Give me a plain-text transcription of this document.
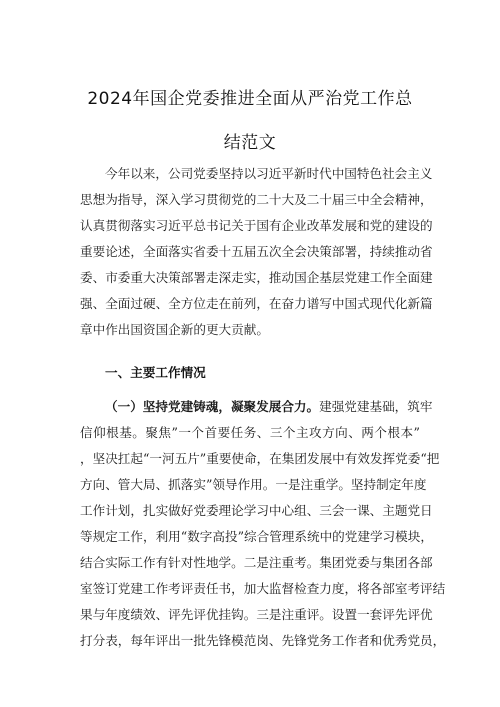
2024年国企党委推进全面从严治党工作总
结范文
今年以来，公司党委坚持以习近平新时代中国特色社会主义
思想为指导，深入学习贯彻党的二十大及二十届三中全会精神，
认真贯彻落实习近平总书记关于国有企业改革发展和党的建设的
重要论述，全面落实省委十五届五次全会决策部署，持续推动省
委、市委重大决策部署走深走实，推动国企基层党建工作全面建
强、全面过硬、全方位走在前列，在奋力谱写中国式现代化新篇
章中作出国资国企新的更大贡献。
一、主要工作情况
（一）坚持党建铸魂，凝聚发展合力。建强党建基础，筑牢
信仰根基。聚焦”一个首要任务、三个主攻方向、两个根本”
，坚决扛起“一河五片”重要使命，在集团发展中有效发挥党委“把
方向、管大局、抓落实”领导作用。一是注重学。坚持制定年度
工作计划，扎实做好党委理论学习中心组、三会一课、主题党日
等规定工作，利用“数字高投”综合管理系统中的党建学习模块，
结合实际工作有针对性地学。二是注重考。集团党委与集团各部
室签订党建工作考评责任书，加大监督检查力度，将各部室考评结
果与年度绩效、评先评优挂钩。三是注重评。设置一套评先评优
打分表，每年评出一批先锋模范岗、先锋党务工作者和优秀党员，
